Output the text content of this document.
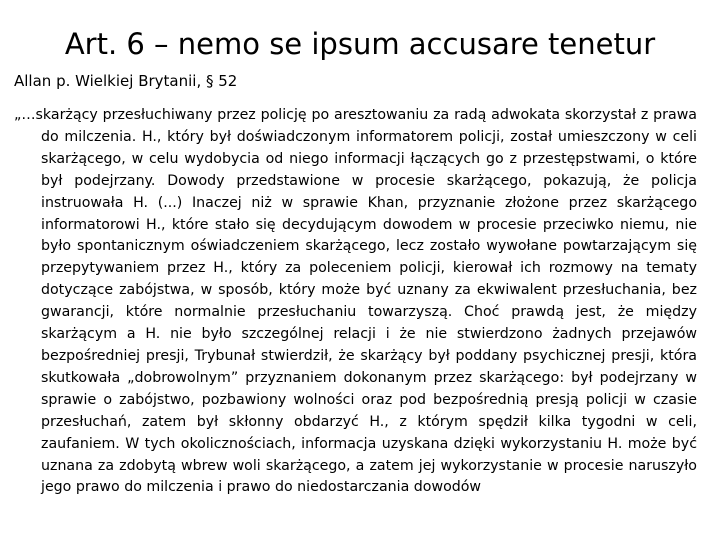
Art. 6 – nemo se ipsum accusare tenetur

Allan p. Wielkiej Brytanii, § 52

„…skarżący przesłuchiwany przez policję po aresztowaniu za radą adwokata skorzystał z prawa do milczenia. H., który był doświadczonym informatorem policji, został umieszczony w celi skarżącego, w celu wydobycia od niego informacji łączących go z przestępstwami, o które był podejrzany. Dowody przedstawione w procesie skarżącego, pokazują, że policja instruowała H. (...) Inaczej niż w sprawie Khan, przyznanie złożone przez skarżącego informatorowi H., które stało się decydującym dowodem w procesie przeciwko niemu, nie było spontanicznym oświadczeniem skarżącego, lecz zostało wywołane powtarzającym się przepytywaniem przez H., który za poleceniem policji, kierował ich rozmowy na tematy dotyczące zabójstwa, w sposób, który może być uznany za ekwiwalent przesłuchania, bez gwarancji, które normalnie przesłuchaniu towarzyszą. Choć prawdą jest, że między skarżącym a H. nie było szczególnej relacji i że nie stwierdzono żadnych przejawów bezpośredniej presji, Trybunał stwierdził, że skarżący był poddany psychicznej presji, która skutkowała „dobrowolnym” przyznaniem dokonanym przez skarżącego: był podejrzany w sprawie o zabójstwo, pozbawiony wolności oraz pod bezpośrednią presją policji w czasie przesłuchań, zatem był skłonny obdarzyć H., z którym spędził kilka tygodni w celi, zaufaniem. W tych okolicznościach, informacja uzyskana dzięki wykorzystaniu H. może być uznana za zdobytą wbrew woli skarżącego, a zatem jej wykorzystanie w procesie naruszyło jego prawo do milczenia i prawo do niedostarczania dowodów
